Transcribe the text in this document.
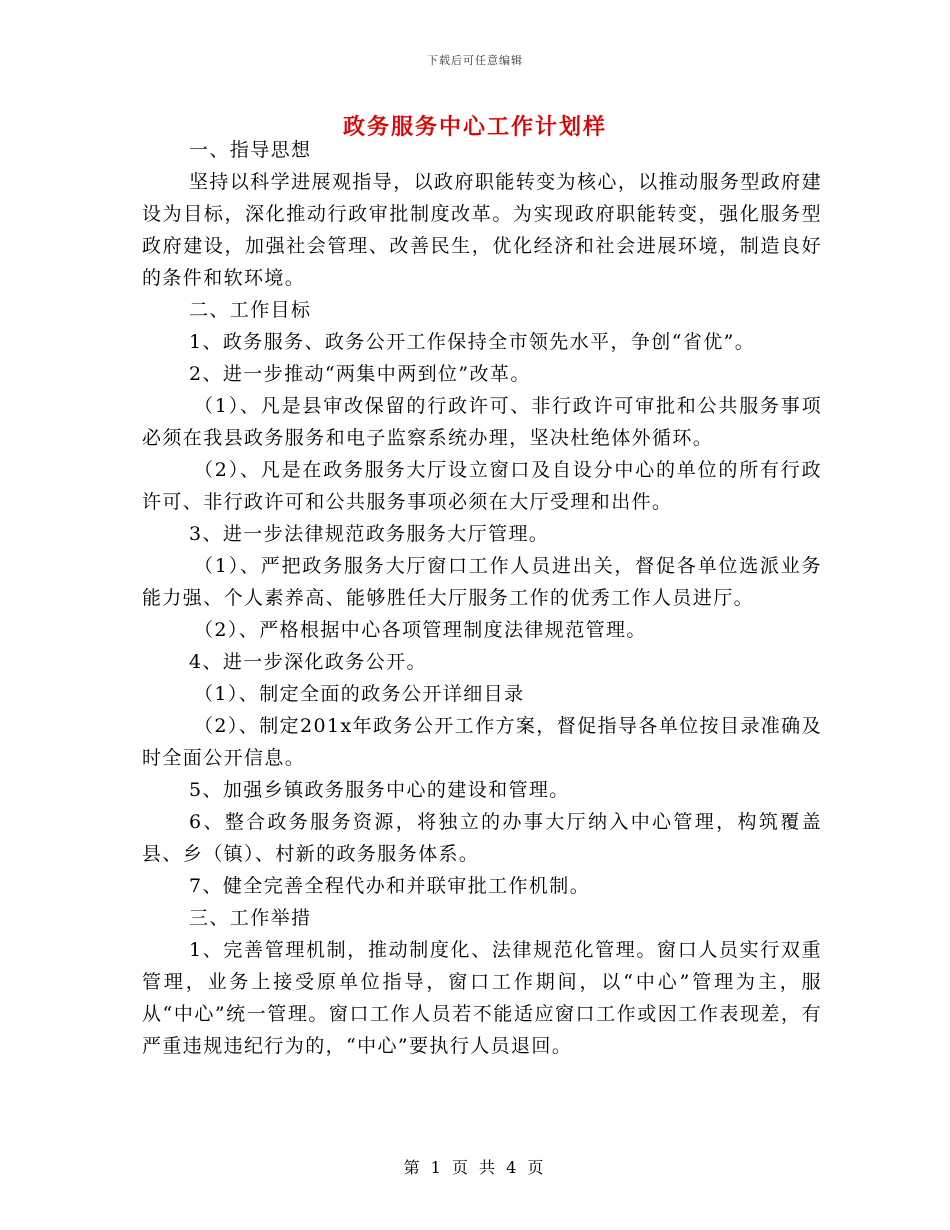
下载后可任意编辑
政务服务中心工作计划样

一、指导思想

坚持以科学进展观指导，以政府职能转变为核心，以推动服务型政府建设为目标，深化推动行政审批制度改革。为实现政府职能转变，强化服务型政府建设，加强社会管理、改善民生，优化经济和社会进展环境，制造良好的条件和软环境。

二、工作目标

1、政务服务、政务公开工作保持全市领先水平，争创“省优”。

2、进一步推动“两集中两到位”改革。

（1）、凡是县审改保留的行政许可、非行政许可审批和公共服务事项必须在我县政务服务和电子监察系统办理，坚决杜绝体外循环。

（2）、凡是在政务服务大厅设立窗口及自设分中心的单位的所有行政许可、非行政许可和公共服务事项必须在大厅受理和出件。

3、进一步法律规范政务服务大厅管理。

（1）、严把政务服务大厅窗口工作人员进出关，督促各单位选派业务能力强、个人素养高、能够胜任大厅服务工作的优秀工作人员进厅。

（2）、严格根据中心各项管理制度法律规范管理。

4、进一步深化政务公开。

（1）、制定全面的政务公开详细目录

（2）、制定201x年政务公开工作方案，督促指导各单位按目录准确及时全面公开信息。

5、加强乡镇政务服务中心的建设和管理。

6、整合政务服务资源，将独立的办事大厅纳入中心管理，构筑覆盖县、乡（镇）、村新的政务服务体系。

7、健全完善全程代办和并联审批工作机制。

三、工作举措

1、完善管理机制，推动制度化、法律规范化管理。窗口人员实行双重管理，业务上接受原单位指导，窗口工作期间，以“中心”管理为主，服从“中心”统一管理。窗口工作人员若不能适应窗口工作或因工作表现差，有严重违规违纪行为的，“中心”要执行人员退回。

第 1 页 共 4 页
